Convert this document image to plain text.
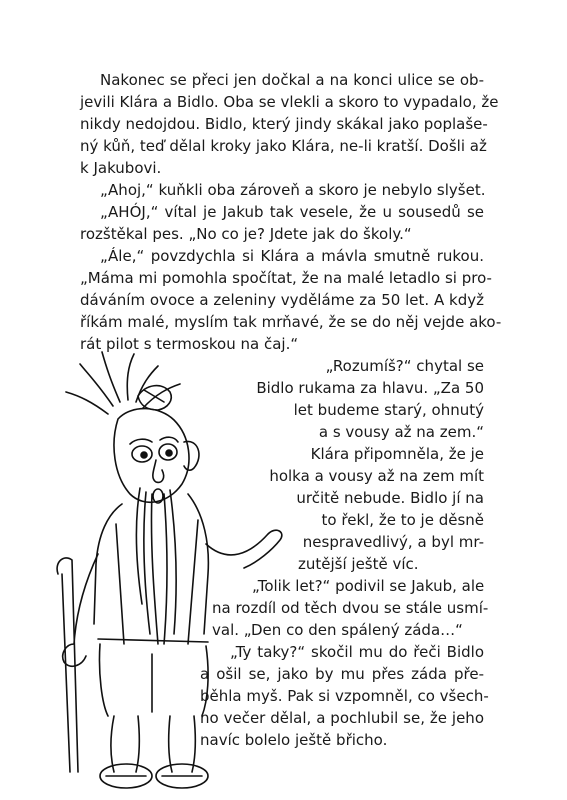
Nakonec se přeci jen dočkal a na konci ulice se ob-
jevili Klára a Bidlo. Oba se vlekli a skoro to vypadalo, že
nikdy nedojdou. Bidlo, který jindy skákal jako poplaše-
ný kůň, teď dělal kroky jako Klára, ne-li kratší. Došli až
k Jakubovi.
„Ahoj,“ kuňkli oba zároveň a skoro je nebylo slyšet.
„AHÓJ,“ vítal je Jakub tak vesele, že u sousedů se
rozštěkal pes. „No co je? Jdete jak do školy.“
„Ále,“ povzdychla si Klára a mávla smutně rukou.
„Máma mi pomohla spočítat, že na malé letadlo si pro-
dáváním ovoce a zeleniny vyděláme za 50 let. A když
říkám malé, myslím tak mrňavé, že se do něj vejde ako-
rát pilot s termoskou na čaj.“
„Rozumíš?“ chytal se
Bidlo rukama za hlavu. „Za 50
let budeme starý, ohnutý
a s vousy až na zem.“
Klára připomněla, že je
holka a vousy až na zem mít
určitě nebude. Bidlo jí na
to řekl, že to je děsně
nespravedlivý, a byl mr-
zutější ještě víc.
„Tolik let?“ podivil se Jakub, ale
na rozdíl od těch dvou se stále usmí-
val. „Den co den spálený záda…“
„Ty taky?“ skočil mu do řeči Bidlo
a ošil se, jako by mu přes záda pře-
běhla myš. Pak si vzpomněl, co všech-
no večer dělal, a pochlubil se, že jeho
navíc bolelo ještě břicho.
